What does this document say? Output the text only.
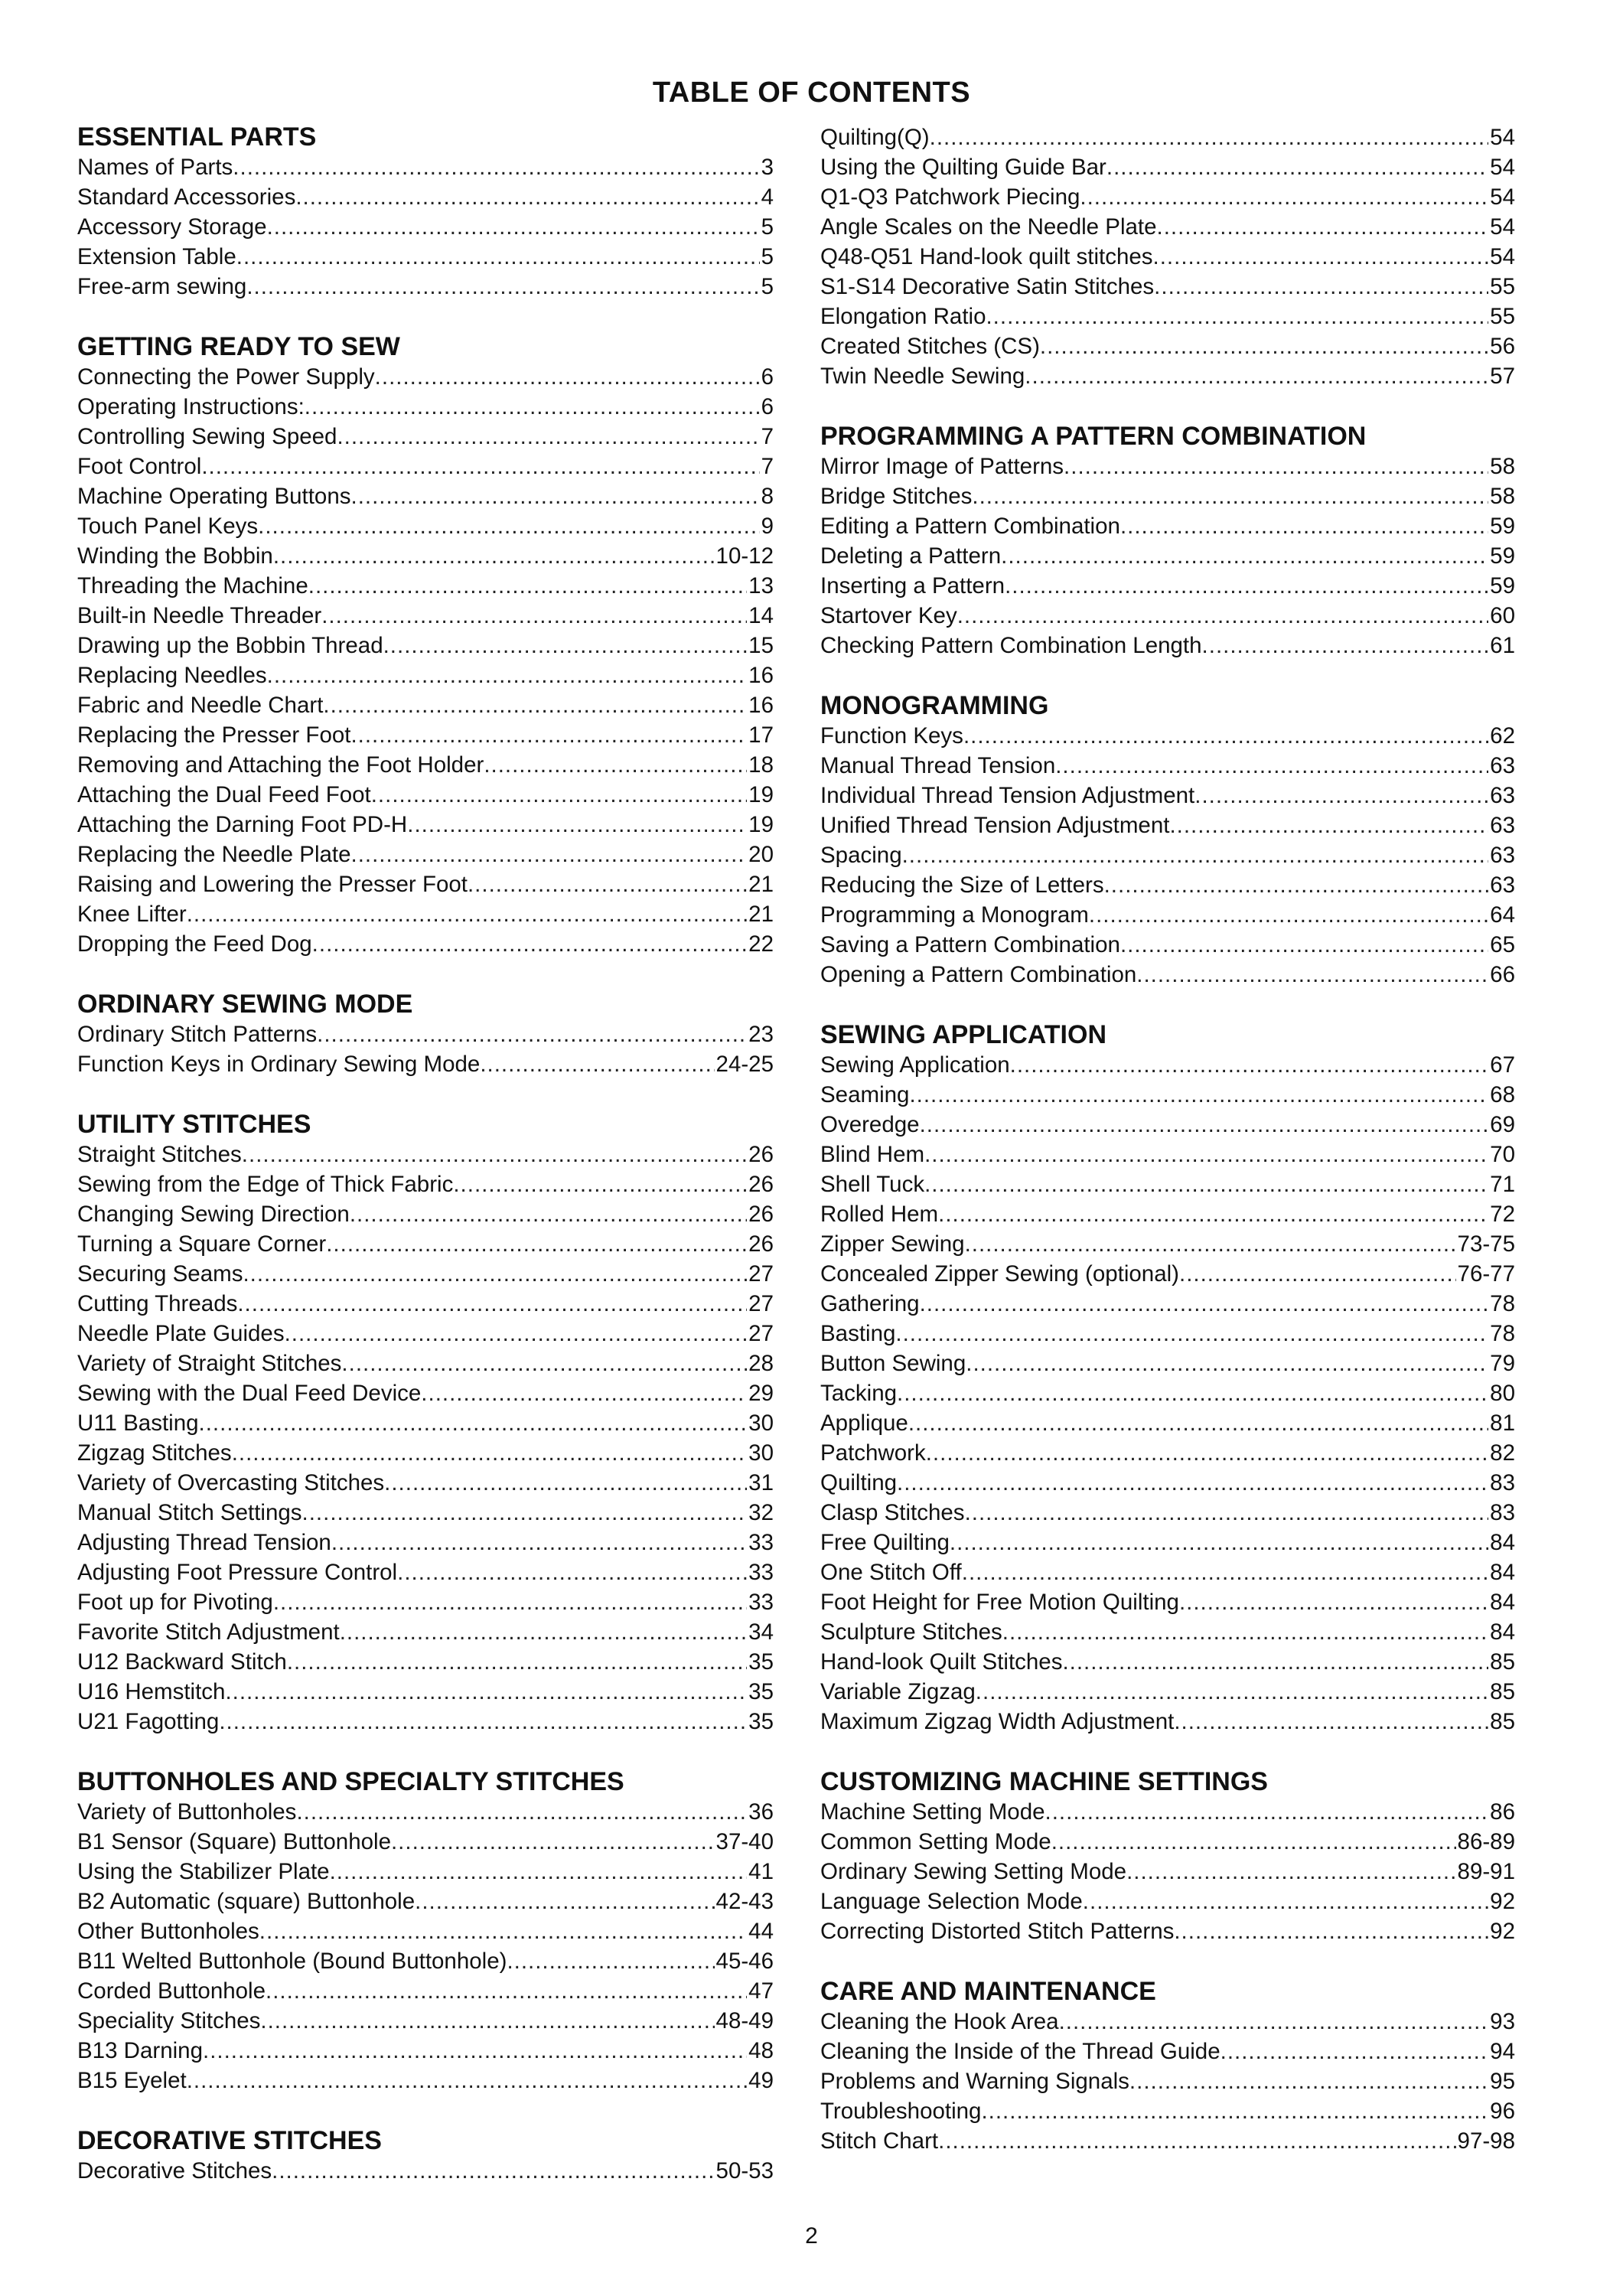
TABLE OF CONTENTS
ESSENTIAL PARTS
Names of Parts .....	3
Standard Accessories .....	4
Accessory Storage .....	5
Extension Table .....	5
Free-arm sewing .....	5
GETTING READY TO SEW
Connecting the Power Supply .....	6
Operating Instructions: .....	6
Controlling Sewing Speed .....	7
Foot Control .....	7
Machine Operating Buttons .....	8
Touch Panel Keys .....	9
Winding the Bobbin .....	10-12
Threading the Machine .....	13
Built-in Needle Threader .....	14
Drawing up the Bobbin Thread .....	15
Replacing Needles .....	16
Fabric and Needle Chart .....	16
Replacing the Presser Foot .....	17
Removing and Attaching the Foot Holder .....	18
Attaching the Dual Feed Foot .....	19
Attaching the Darning Foot PD-H .....	19
Replacing the Needle Plate .....	20
Raising and Lowering the Presser Foot .....	21
Knee Lifter .....	21
Dropping the Feed Dog .....	22
ORDINARY SEWING MODE
Ordinary Stitch Patterns .....	23
Function Keys in Ordinary Sewing Mode .....	24-25
UTILITY STITCHES
Straight Stitches .....	26
Sewing from the Edge of Thick Fabric .....	26
Changing Sewing Direction .....	26
Turning a Square Corner .....	26
Securing Seams .....	27
Cutting Threads .....	27
Needle Plate Guides .....	27
Variety of Straight Stitches .....	28
Sewing with the Dual Feed Device .....	29
U11 Basting .....	30
Zigzag Stitches .....	30
Variety of Overcasting Stitches .....	31
Manual Stitch Settings .....	32
Adjusting Thread Tension .....	33
Adjusting Foot Pressure Control .....	33
Foot up for Pivoting .....	33
Favorite Stitch Adjustment .....	34
U12 Backward Stitch .....	35
U16 Hemstitch .....	35
U21 Fagotting .....	35
BUTTONHOLES AND SPECIALTY STITCHES
Variety of Buttonholes .....	36
B1 Sensor (Square) Buttonhole .....	37-40
Using the Stabilizer Plate .....	41
B2 Automatic (square) Buttonhole .....	42-43
Other Buttonholes .....	44
B11 Welted Buttonhole (Bound Buttonhole) .....	45-46
Corded Buttonhole .....	47
Speciality Stitches .....	48-49
B13 Darning .....	48
B15 Eyelet .....	49
DECORATIVE STITCHES
Decorative Stitches .....	50-53
Quilting(Q) .....	54
Using the Quilting Guide Bar .....	54
Q1-Q3 Patchwork Piecing .....	54
Angle Scales on the Needle Plate .....	54
Q48-Q51 Hand-look quilt stitches .....	54
S1-S14 Decorative Satin Stitches .....	55
Elongation Ratio .....	55
Created Stitches (CS) .....	56
Twin Needle Sewing .....	57
PROGRAMMING A PATTERN COMBINATION
Mirror Image of Patterns .....	58
Bridge Stitches .....	58
Editing a Pattern Combination .....	59
Deleting a Pattern .....	59
Inserting a Pattern .....	59
Startover Key .....	60
Checking Pattern Combination Length .....	61
MONOGRAMMING
Function Keys .....	62
Manual Thread Tension .....	63
Individual Thread Tension Adjustment .....	63
Unified Thread Tension Adjustment .....	63
Spacing .....	63
Reducing the Size of Letters .....	63
Programming a Monogram .....	64
Saving a Pattern Combination .....	65
Opening a Pattern Combination .....	66
SEWING APPLICATION
Sewing Application .....	67
Seaming .....	68
Overedge .....	69
Blind Hem .....	70
Shell Tuck .....	71
Rolled Hem .....	72
Zipper Sewing .....	73-75
Concealed Zipper Sewing (optional) .....	76-77
Gathering .....	78
Basting .....	78
Button Sewing .....	79
Tacking .....	80
Applique .....	81
Patchwork .....	82
Quilting .....	83
Clasp Stitches .....	83
Free Quilting .....	84
One Stitch Off .....	84
Foot Height for Free Motion Quilting .....	84
Sculpture Stitches .....	84
Hand-look Quilt Stitches .....	85
Variable Zigzag .....	85
Maximum Zigzag Width Adjustment .....	85
CUSTOMIZING MACHINE SETTINGS
Machine Setting Mode .....	86
Common Setting Mode .....	86-89
Ordinary Sewing Setting Mode .....	89-91
Language Selection Mode .....	92
Correcting Distorted Stitch Patterns .....	92
CARE AND MAINTENANCE
Cleaning the Hook Area .....	93
Cleaning the Inside of the Thread Guide .....	94
Problems and Warning Signals .....	95
Troubleshooting .....	96
Stitch Chart .....	97-98
2
